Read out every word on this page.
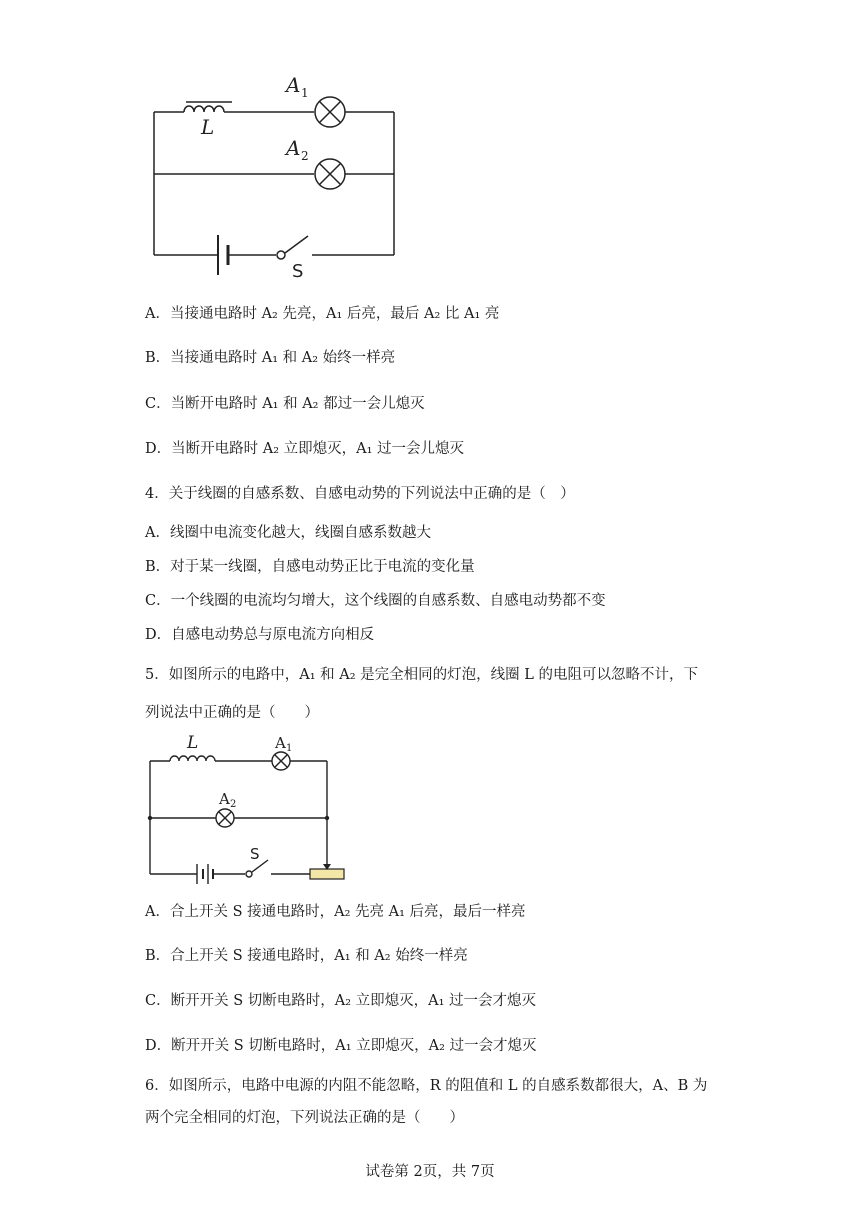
L
A 1
A 2
S
A．当接通电路时 A₂ 先亮，A₁ 后亮，最后 A₂ 比 A₁ 亮
B．当接通电路时 A₁ 和 A₂ 始终一样亮
C．当断开电路时 A₁ 和 A₂ 都过一会儿熄灭
D．当断开电路时 A₂ 立即熄灭，A₁ 过一会儿熄灭
4．关于线圈的自感系数、自感电动势的下列说法中正确的是（　）
A．线圈中电流变化越大，线圈自感系数越大
B．对于某一线圈，自感电动势正比于电流的变化量
C．一个线圈的电流均匀增大，这个线圈的自感系数、自感电动势都不变
D．自感电动势总与原电流方向相反
5．如图所示的电路中，A₁ 和 A₂ 是完全相同的灯泡，线圈 L 的电阻可以忽略不计，下
列说法中正确的是（　　）
L	A 1
A 2
S
A．合上开关 S 接通电路时，A₂ 先亮 A₁ 后亮，最后一样亮
B．合上开关 S 接通电路时，A₁ 和 A₂ 始终一样亮
C．断开开关 S 切断电路时，A₂ 立即熄灭，A₁ 过一会才熄灭
D．断开开关 S 切断电路时，A₁ 立即熄灭，A₂ 过一会才熄灭
6．如图所示，电路中电源的内阻不能忽略，R 的阻值和 L 的自感系数都很大，A、B 为
两个完全相同的灯泡，下列说法正确的是（　　）
试卷第 2页，共 7页
